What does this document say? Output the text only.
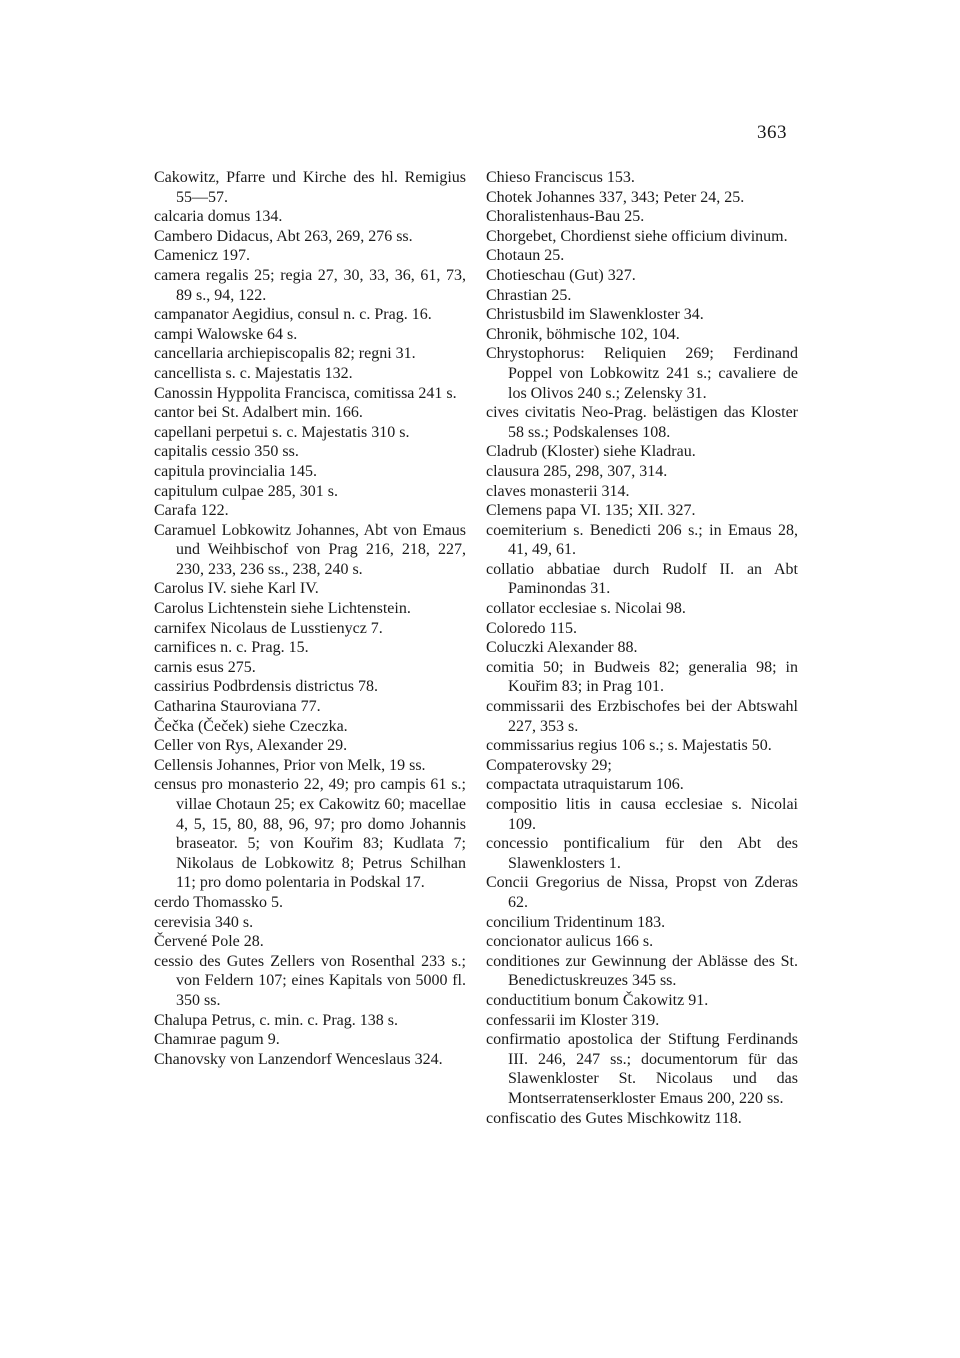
363
Cakowitz, Pfarre und Kirche des hl. Remigius 55—57.
calcaria domus 134.
Cambero Didacus, Abt 263, 269, 276 ss.
Camenicz 197.
camera regalis 25; regia 27, 30, 33, 36, 61, 73, 89 s., 94, 122.
campanator Aegidius, consul n. c. Prag. 16.
campi Walowske 64 s.
cancellaria archiepiscopalis 82; regni 31.
cancellista s. c. Majestatis 132.
Canossin Hyppolita Francisca, comitissa 241 s.
cantor bei St. Adalbert min. 166.
capellani perpetui s. c. Majestatis 310 s.
capitalis cessio 350 ss.
capitula provincialia 145.
capitulum culpae 285, 301 s.
Carafa 122.
Caramuel Lobkowitz Johannes, Abt von Emaus und Weihbischof von Prag 216, 218, 227, 230, 233, 236 ss., 238, 240 s.
Carolus IV. siehe Karl IV.
Carolus Lichtenstein siehe Lichtenstein.
carnifex Nicolaus de Lusstienycz 7.
carnifices n. c. Prag. 15.
carnis esus 275.
cassirius Podbrdensis districtus 78.
Catharina Stauroviana 77.
Čečka (Čeček) siehe Czeczka.
Celler von Rys, Alexander 29.
Cellensis Johannes, Prior von Melk, 19 ss.
census pro monasterio 22, 49; pro campis 61 s.; villae Chotaun 25; ex Cakowitz 60; macellae 4, 5, 15, 80, 88, 96, 97; pro domo Johannis braseator. 5; von Kouřim 83; Kudlata 7; Nikolaus de Lobkowitz 8; Petrus Schilhan 11; pro domo polentaria in Podskal 17.
cerdo Thomassko 5.
cerevisia 340 s.
Červené Pole 28.
cessio des Gutes Zellers von Rosenthal 233 s.; von Feldern 107; eines Kapitals von 5000 fl. 350 ss.
Chalupa Petrus, c. min. c. Prag. 138 s.
Chamırae pagum 9.
Chanovsky von Lanzendorf Wenceslaus 324.
Chieso Franciscus 153.
Chotek Johannes 337, 343; Peter 24, 25.
Choralistenhaus-Bau 25.
Chorgebet, Chordienst siehe officium divinum.
Chotaun 25.
Chotieschau (Gut) 327.
Chrastian 25.
Christusbild im Slawenkloster 34.
Chronik, böhmische 102, 104.
Chrystophorus: Reliquien 269; Ferdinand Poppel von Lobkowitz 241 s.; cavaliere de los Olivos 240 s.; Zelensky 31.
cives civitatis Neo-Prag. belästigen das Kloster 58 ss.; Podskalenses 108.
Cladrub (Kloster) siehe Kladrau.
clausura 285, 298, 307, 314.
claves monasterii 314.
Clemens papa VI. 135; XII. 327.
coemiterium s. Benedicti 206 s.; in Emaus 28, 41, 49, 61.
collatio abbatiae durch Rudolf II. an Abt Paminondas 31.
collator ecclesiae s. Nicolai 98.
Coloredo 115.
Coluczki Alexander 88.
comitia 50; in Budweis 82; generalia 98; in Kouřim 83; in Prag 101.
commissarii des Erzbischofes bei der Abtswahl 227, 353 s.
commissarius regius 106 s.; s. Majestatis 50.
Compaterovsky 29;
compactata utraquistarum 106.
compositio litis in causa ecclesiae s. Nicolai 109.
concessio pontificalium für den Abt des Slawenklosters 1.
Concii Gregorius de Nissa, Propst von Zderas 62.
concilium Tridentinum 183.
concionator aulicus 166 s.
conditiones zur Gewinnung der Ablässe des St. Benedictuskreuzes 345 ss.
conductitium bonum Čakowitz 91.
confessarii im Kloster 319.
confirmatio apostolica der Stiftung Ferdinands III. 246, 247 ss.; documentorum für das Slawenkloster St. Nicolaus und das Montserratenserkloster Emaus 200, 220 ss.
confiscatio des Gutes Mischkowitz 118.
